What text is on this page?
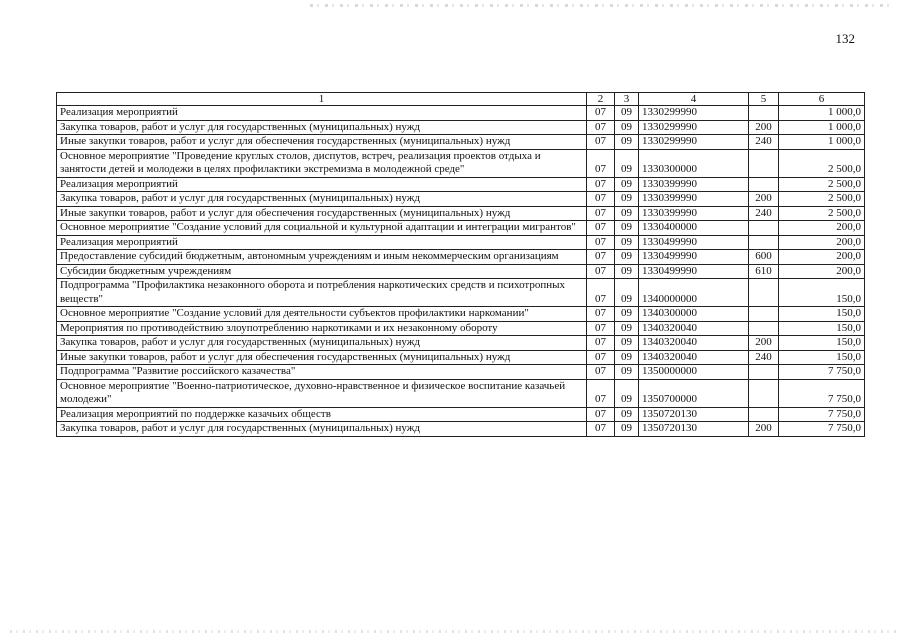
132
1	2	3	4	5	6
Реализация мероприятий	07	09	1330299990		1 000,0
Закупка товаров, работ и услуг для государственных (муниципальных) нужд	07	09	1330299990	200	1 000,0
Иные закупки товаров, работ и услуг для обеспечения государственных (муниципальных) нужд	07	09	1330299990	240	1 000,0
Основное мероприятие "Проведение круглых столов, диспутов, встреч, реализация проектов отдыха и занятости детей и молодежи в целях профилактики экстремизма в молодежной среде"	07	09	1330300000		2 500,0
Реализация мероприятий	07	09	1330399990		2 500,0
Закупка товаров, работ и услуг для государственных (муниципальных) нужд	07	09	1330399990	200	2 500,0
Иные закупки товаров, работ и услуг для обеспечения государственных (муниципальных) нужд	07	09	1330399990	240	2 500,0
Основное мероприятие "Создание условий для социальной и культурной адаптации и интеграции мигрантов"	07	09	1330400000		200,0
Реализация мероприятий	07	09	1330499990		200,0
Предоставление субсидий бюджетным, автономным учреждениям и иным некоммерческим организациям	07	09	1330499990	600	200,0
Субсидии бюджетным учреждениям	07	09	1330499990	610	200,0
Подпрограмма "Профилактика незаконного оборота и потребления наркотических средств и психотропных веществ"	07	09	1340000000		150,0
Основное мероприятие "Создание условий для деятельности субъектов профилактики наркомании"	07	09	1340300000		150,0
Мероприятия по противодействию злоупотреблению наркотиками и их незаконному обороту	07	09	1340320040		150,0
Закупка товаров, работ и услуг для государственных (муниципальных) нужд	07	09	1340320040	200	150,0
Иные закупки товаров, работ и услуг для обеспечения государственных (муниципальных) нужд	07	09	1340320040	240	150,0
Подпрограмма "Развитие российского казачества"	07	09	1350000000		7 750,0
Основное мероприятие "Военно-патриотическое, духовно-нравственное и физическое воспитание казачьей молодежи"	07	09	1350700000		7 750,0
Реализация мероприятий по поддержке казачьих обществ	07	09	1350720130		7 750,0
Закупка товаров, работ и услуг для государственных (муниципальных) нужд	07	09	1350720130	200	7 750,0
